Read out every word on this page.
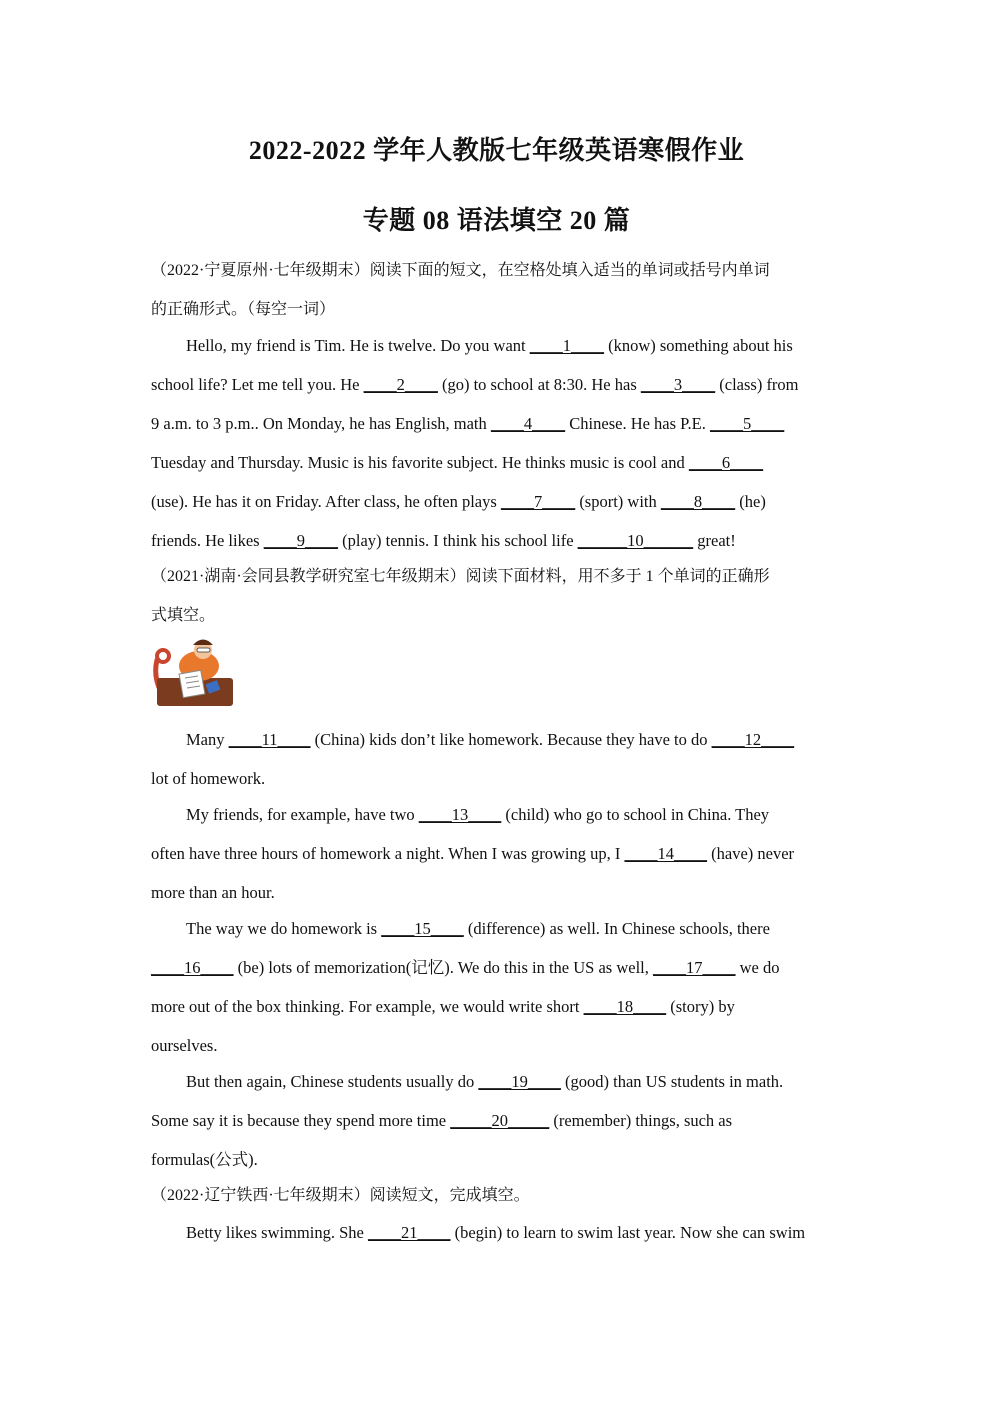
2022-2022 学年人教版七年级英语寒假作业
专题 08 语法填空 20 篇

（2022·宁夏原州·七年级期末）阅读下面的短文，在空格处填入适当的单词或括号内单词

的正确形式。（每空一词）

Hello, my friend is Tim. He is twelve. Do you want ____1____ (know) something about his

school life? Let me tell you. He ____2____ (go) to school at 8:30. He has ____3____ (class) from

9 a.m. to 3 p.m.. On Monday, he has English, math ____4____ Chinese. He has P.E. ____5____

Tuesday and Thursday. Music is his favorite subject. He thinks music is cool and ____6____

(use). He has it on Friday. After class, he often plays ____7____ (sport) with ____8____ (he)

friends. He likes ____9____ (play) tennis. I think his school life ______10______ great!

（2021·湖南·会同县教学研究室七年级期末）阅读下面材料，用不多于 1 个单词的正确形

式填空。

Many ____11____ (China) kids don’t like homework. Because they have to do ____12____

lot of homework.

My friends, for example, have two ____13____ (child) who go to school in China. They

often have three hours of homework a night. When I was growing up, I ____14____ (have) never

more than an hour.

The way we do homework is ____15____ (difference) as well. In Chinese schools, there

____16____ (be) lots of memorization(记忆). We do this in the US as well, ____17____ we do

more out of the box thinking. For example, we would write short ____18____ (story) by

ourselves.

But then again, Chinese students usually do ____19____ (good) than US students in math.

Some say it is because they spend more time _____20_____ (remember) things, such as

formulas(公式).

（2022·辽宁铁西·七年级期末）阅读短文，完成填空。

Betty likes swimming. She ____21____ (begin) to learn to swim last year. Now she can swim
